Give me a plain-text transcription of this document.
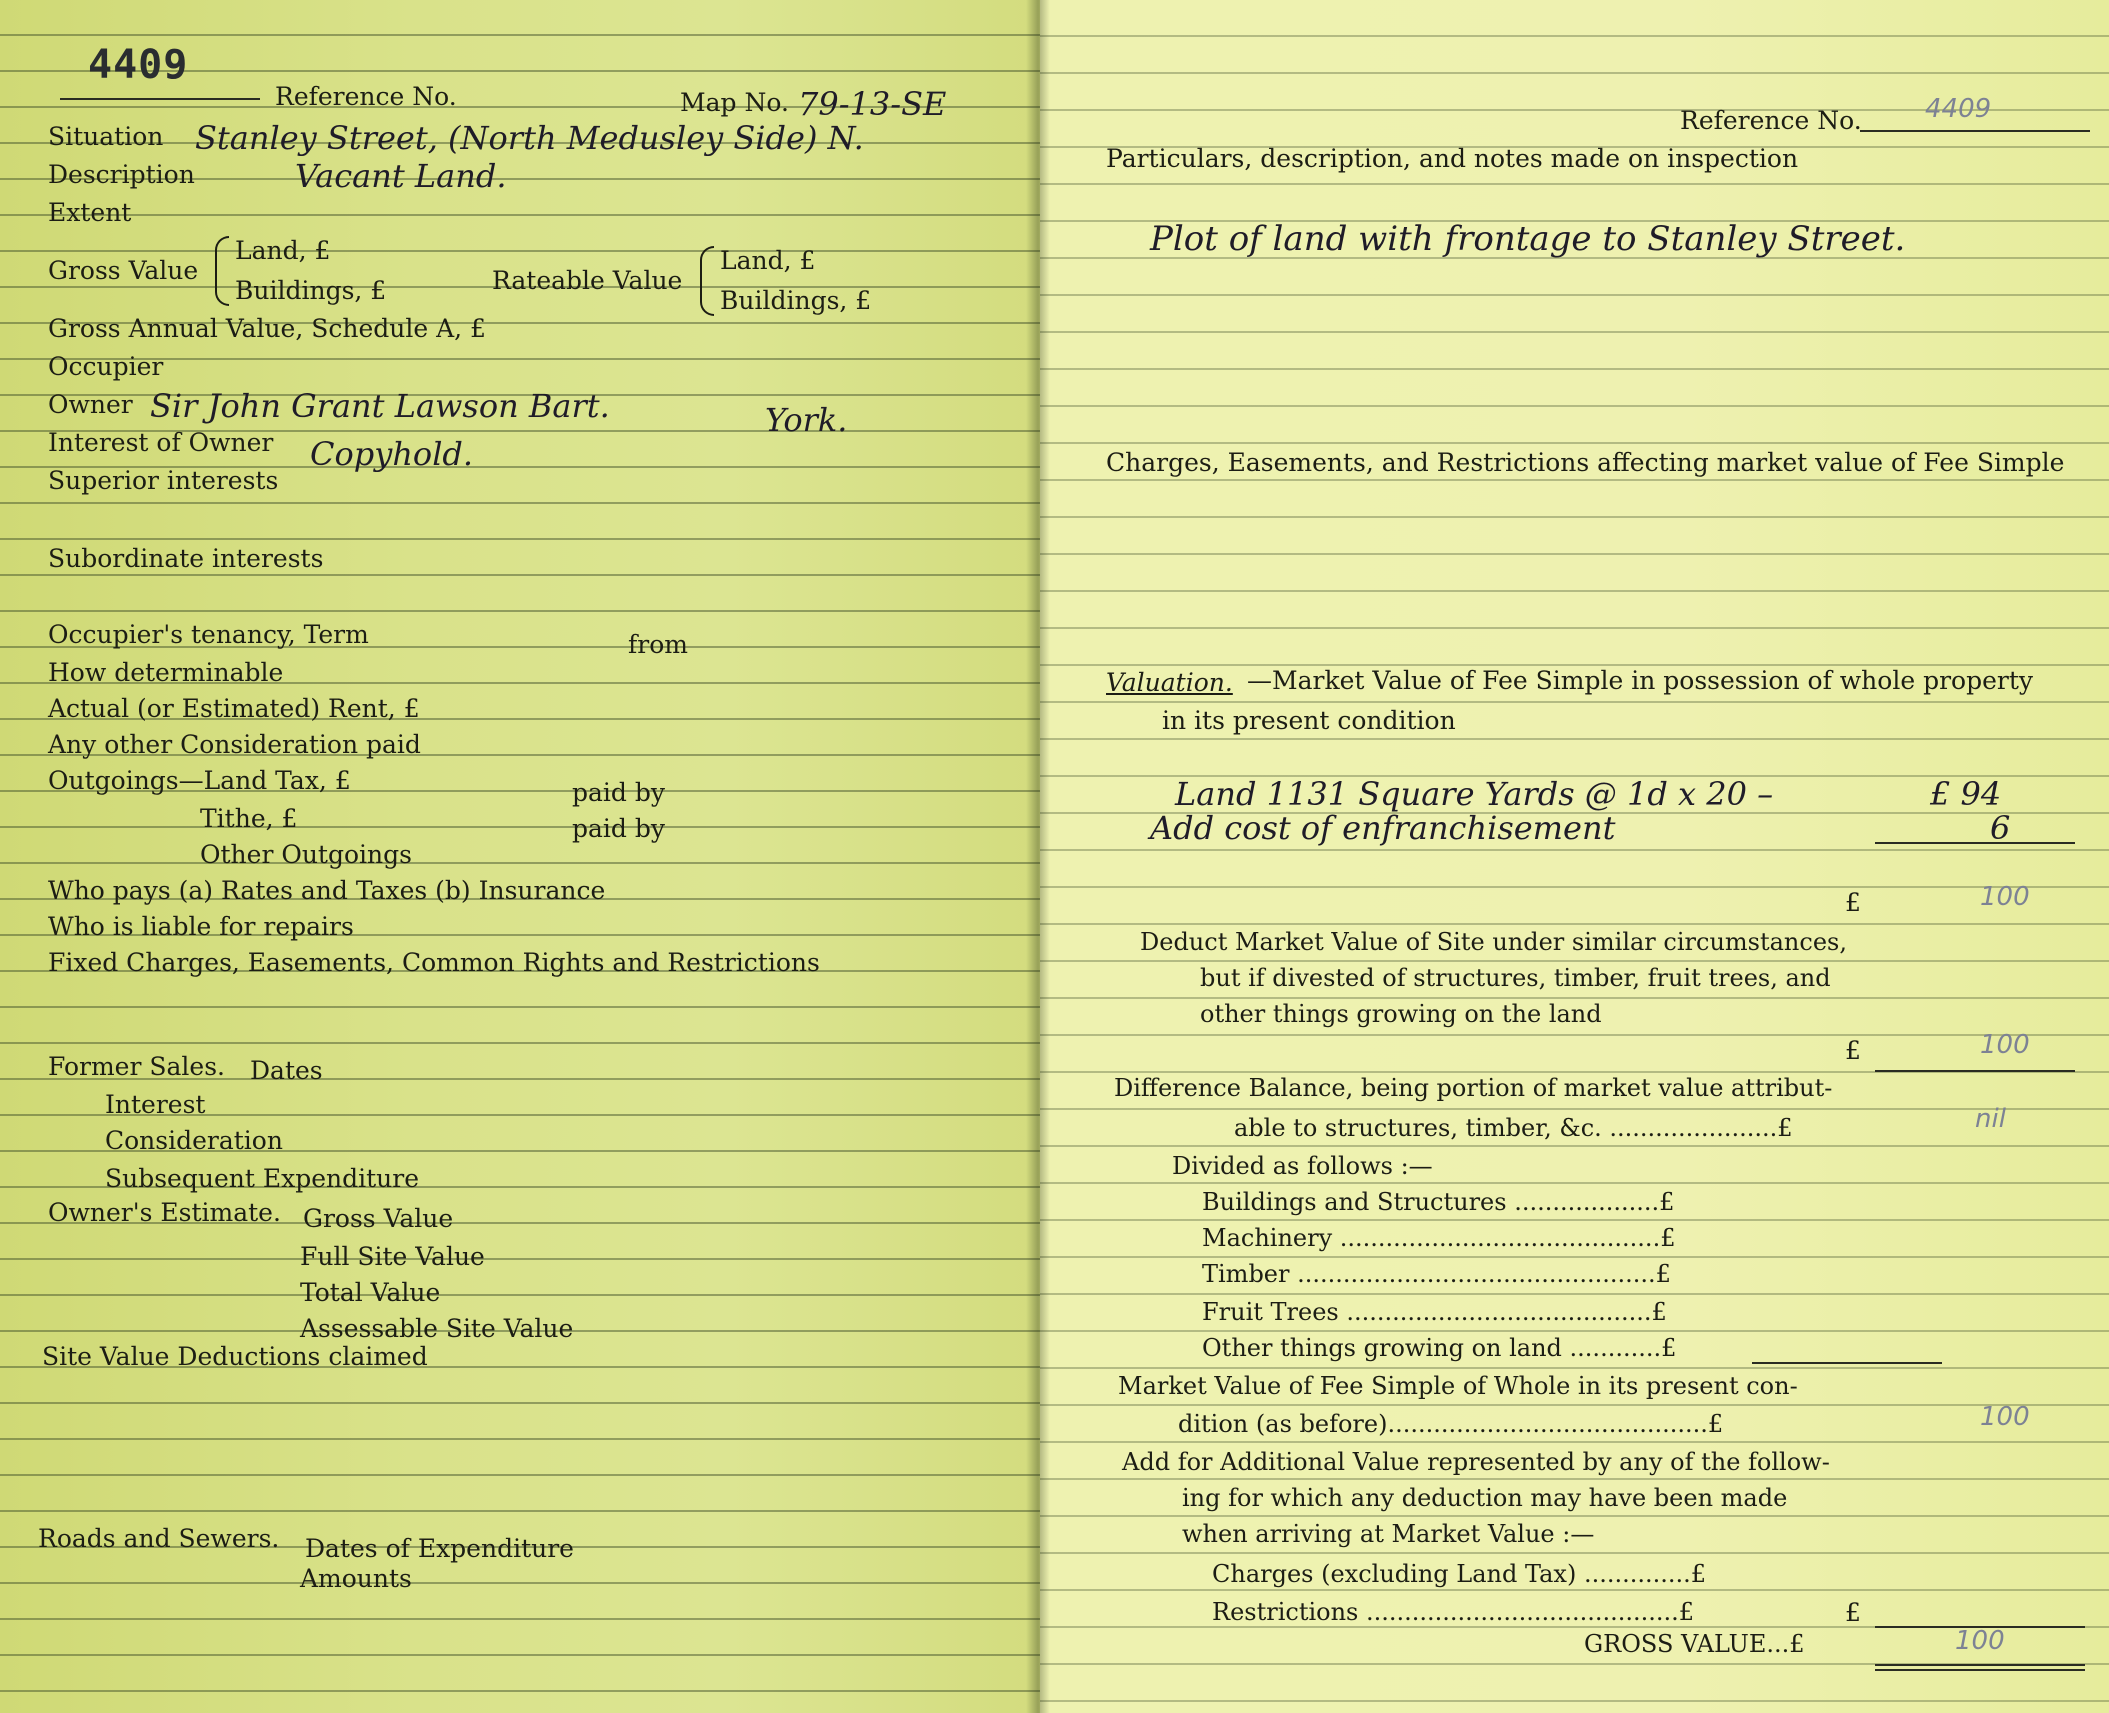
4409
Reference No.	Map No. 79-13-SE
Situation Stanley Street, (North Medusley Side) N.
Description	Vacant Land.
Extent
Gross Value
Land, £
Buildings, £	Rateable Value
Land, £
Buildings, £
Gross Annual Value, Schedule A, £
Occupier
Owner Sir John Grant Lawson Bart.	York.
Interest of Owner Copyhold.
Superior interests
Subordinate interests
Occupier's tenancy, Term	from
How determinable
Actual (or Estimated) Rent, £
Any other Consideration paid
Outgoings—Land Tax, £	paid by
Tithe, £	paid by
Other Outgoings
Who pays (a) Rates and Taxes (b) Insurance
Who is liable for repairs
Fixed Charges, Easements, Common Rights and Restrictions
Former Sales. Dates
Interest
Consideration
Subsequent Expenditure
Owner's Estimate. Gross Value
Full Site Value
Total Value
Assessable Site Value
Site Value Deductions claimed
Roads and Sewers. Dates of Expenditure
Amounts
Reference No. 4409
Particulars, description, and notes made on inspection
Plot of land with frontage to Stanley Street.
Charges, Easements, and Restrictions affecting market value of Fee Simple
Valuation. —Market Value of Fee Simple in possession of whole property
in its present condition
Land 1131 Square Yards @ 1d x 20 –	£ 94
Add cost of enfranchisement	6
£	100
Deduct Market Value of Site under similar circumstances,
but if divested of structures, timber, fruit trees, and
other things growing on the land
£	100
Difference Balance, being portion of market value attribut-
able to structures, timber, &c. ......................£	nil
Divided as follows :—
Buildings and Structures ...................£
Machinery ..........................................£
Timber ...............................................£
Fruit Trees ........................................£
Other things growing on land ............£
Market Value of Fee Simple of Whole in its present con-
dition (as before)..........................................£	100
Add for Additional Value represented by any of the follow-
ing for which any deduction may have been made
when arriving at Market Value :—
Charges (excluding Land Tax) ..............£
Restrictions .........................................£	£
GROSS VALUE...£	100
